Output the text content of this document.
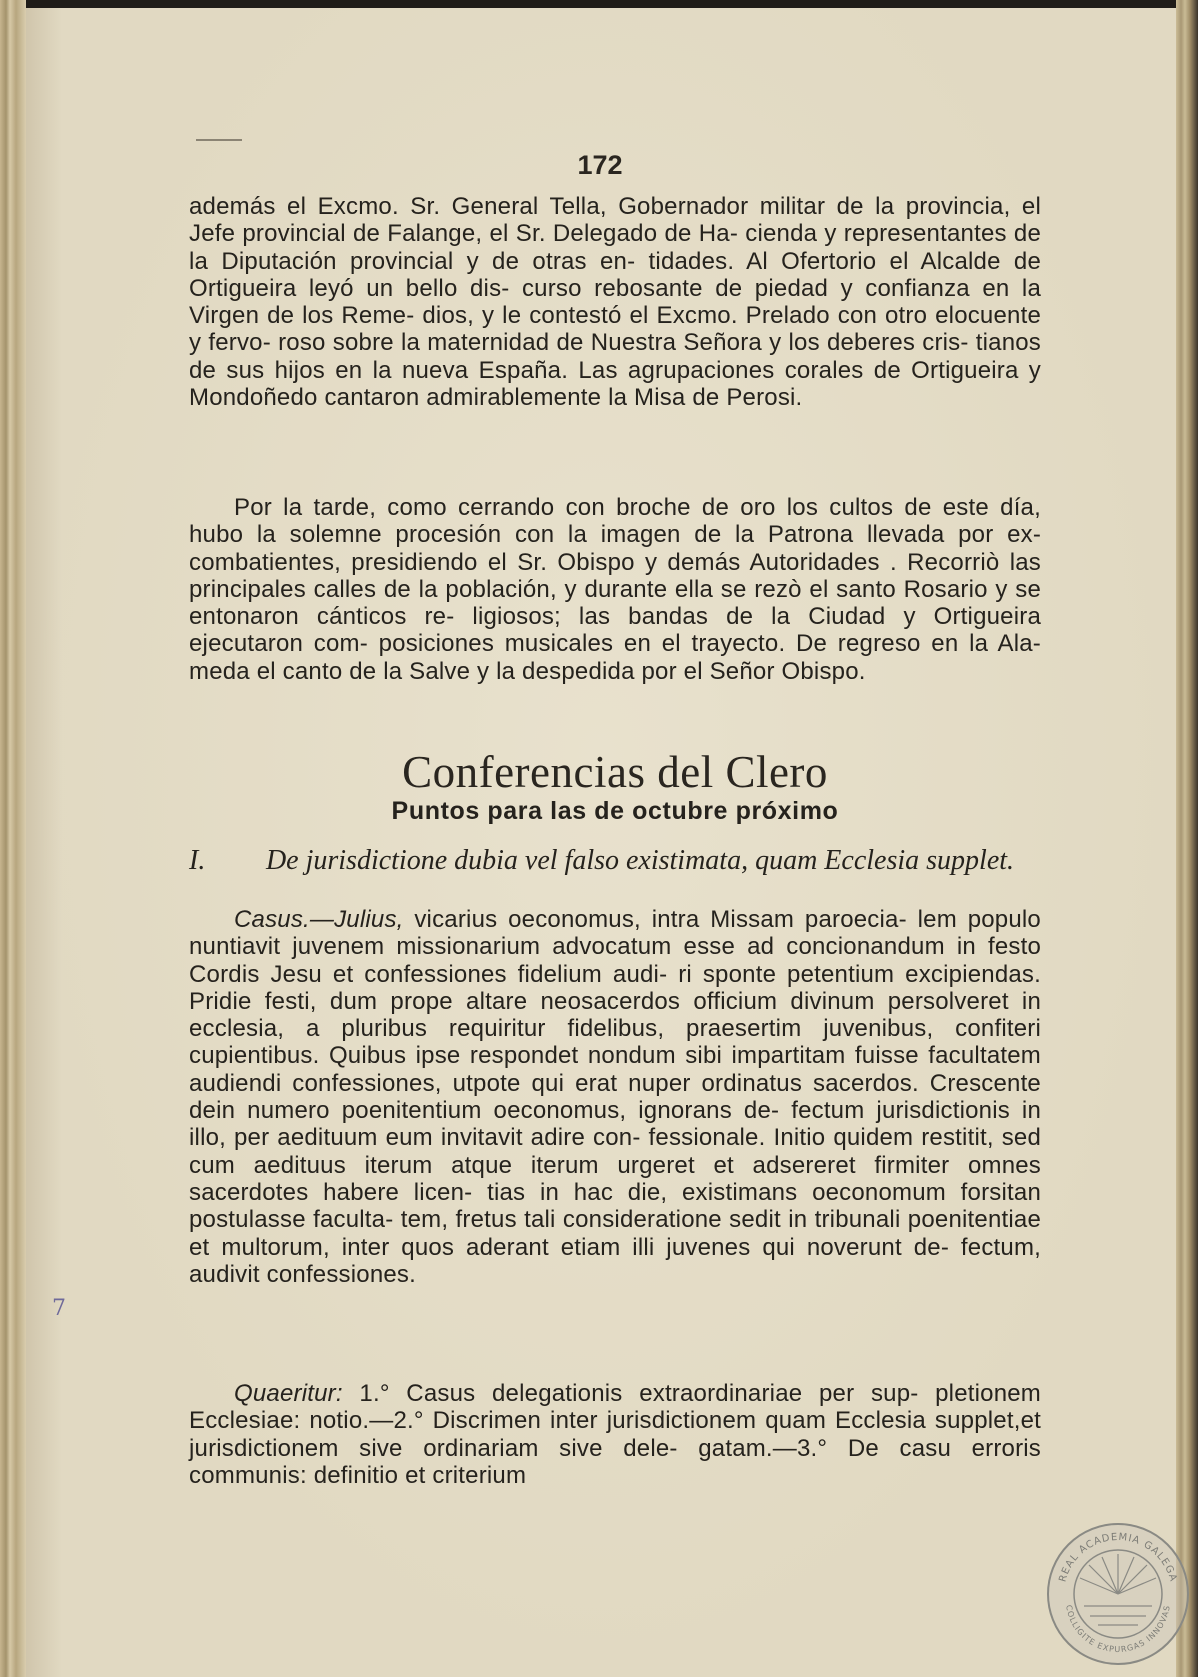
172

además el Excmo. Sr. General Tella, Gobernador militar de la provincia, el Jefe provincial de Falange, el Sr. Delegado de Ha- cienda y representantes de la Diputación provincial y de otras en- tidades. Al Ofertorio el Alcalde de Ortigueira leyó un bello dis- curso rebosante de piedad y confianza en la Virgen de los Reme- dios, y le contestó el Excmo. Prelado con otro elocuente y fervo- roso sobre la maternidad de Nuestra Señora y los deberes cris- tianos de sus hijos en la nueva España. Las agrupaciones corales de Ortigueira y Mondoñedo cantaron admirablemente la Misa de Perosi.

Por la tarde, como cerrando con broche de oro los cultos de este día, hubo la solemne procesión con la imagen de la Patrona llevada por ex-combatientes, presidiendo el Sr. Obispo y demás Autoridades . Recorriò las principales calles de la población, y durante ella se rezò el santo Rosario y se entonaron cánticos re- ligiosos; las bandas de la Ciudad y Ortigueira ejecutaron com- posiciones musicales en el trayecto. De regreso en la Ala- meda el canto de la Salve y la despedida por el Señor Obispo.

Conferencias del Clero
Puntos para las de octubre próximo
I.	De jurisdictione dubia vel falso existimata, quam Ecclesia supplet.

Casus.—Julius, vicarius oeconomus, intra Missam paroecia- lem populo nuntiavit juvenem missionarium advocatum esse ad concionandum in festo Cordis Jesu et confessiones fidelium audi- ri sponte petentium excipiendas. Pridie festi, dum prope altare neosacerdos officium divinum persolveret in ecclesia, a pluribus requiritur fidelibus, praesertim juvenibus, confiteri cupientibus. Quibus ipse respondet nondum sibi impartitam fuisse facultatem audiendi confessiones, utpote qui erat nuper ordinatus sacerdos. Crescente dein numero poenitentium oeconomus, ignorans de- fectum jurisdictionis in illo, per aedituum eum invitavit adire con- fessionale. Initio quidem restitit, sed cum aedituus iterum atque iterum urgeret et adsereret firmiter omnes sacerdotes habere licen- tias in hac die, existimans oeconomum forsitan postulasse faculta- tem, fretus tali consideratione sedit in tribunali poenitentiae et multorum, inter quos aderant etiam illi juvenes qui noverunt de- fectum, audivit confessiones.

Quaeritur: 1.° Casus delegationis extraordinariae per sup- pletionem Ecclesiae: notio.—2.° Discrimen inter jurisdictionem quam Ecclesia supplet,et jurisdictionem sive ordinariam sive dele- gatam.—3.° De casu erroris communis: definitio et criterium

7
REAL ACADEMIA GALEGA
COLLIGITE EXPURGAS INNOVAS
